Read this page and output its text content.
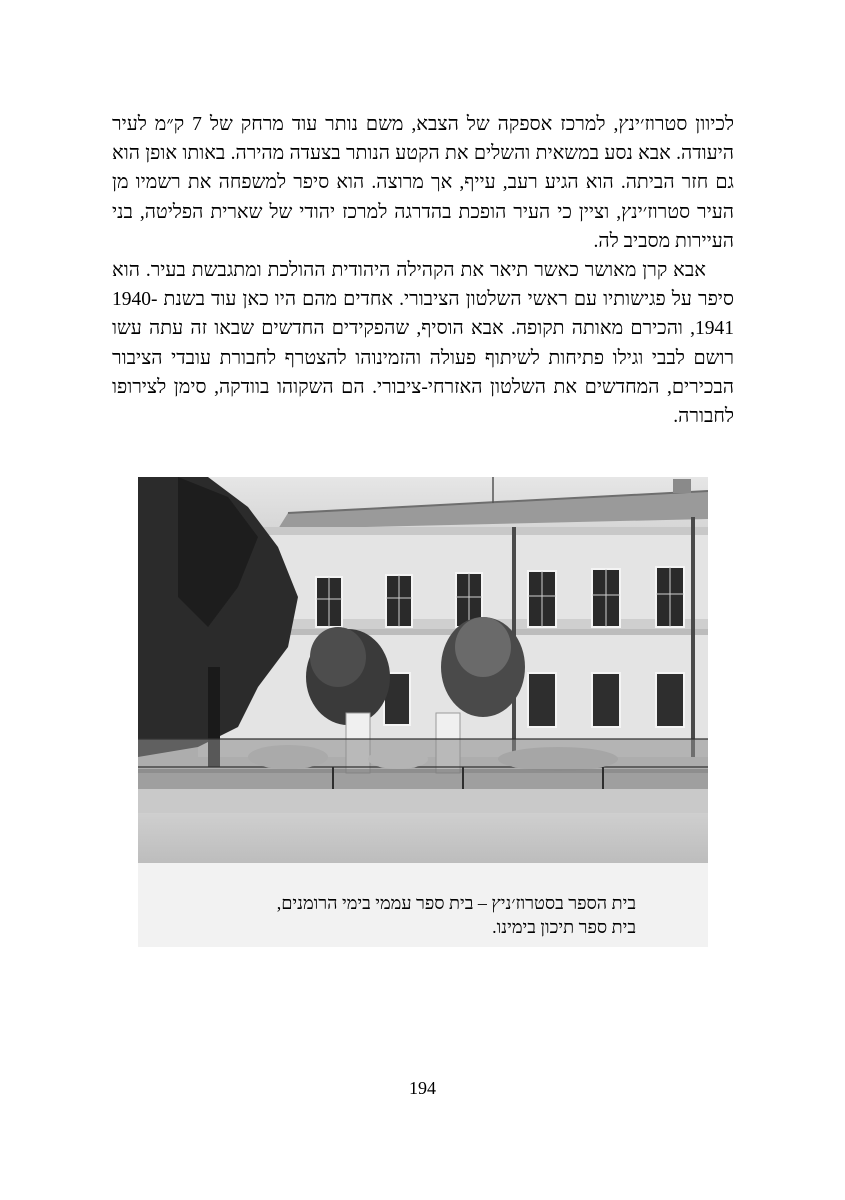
לכיוון סטרוז׳ינץ, למרכז אספקה של הצבא, משם נותר עוד מרחק של 7 ק״מ לעיר היעודה. אבא נסע במשאית והשלים את הקטע הנותר בצעדה מהירה. באותו אופן הוא גם חזר הביתה. הוא הגיע רעב, עייף, אך מרוצה. הוא סיפר למשפחה את רשמיו מן העיר סטרוז׳ינץ, וציין כי העיר הופכת בהדרגה למרכז יהודי של שארית הפליטה, בני העיירות מסביב לה.

אבא קרן מאושר כאשר תיאר את הקהילה היהודית ההולכת ומתגבשת בעיר. הוא סיפר על פגישותיו עם ראשי השלטון הציבורי. אחדים מהם היו כאן עוד בשנת 1940-1941, והכירם מאותה תקופה. אבא הוסיף, שהפקידים החדשים שבאו זה עתה עשו רושם לבבי וגילו פתיחות לשיתוף פעולה והזמינוהו להצטרף לחבורת עובדי הציבור הבכירים, המחדשים את השלטון האזרחי-ציבורי. הם השקוהו בוודקה, סימן לצירופו לחבורה.

בית הספר בסטרוז׳ניץ – בית ספר עממי בימי הרומנים,

בית ספר תיכון בימינו.

194
